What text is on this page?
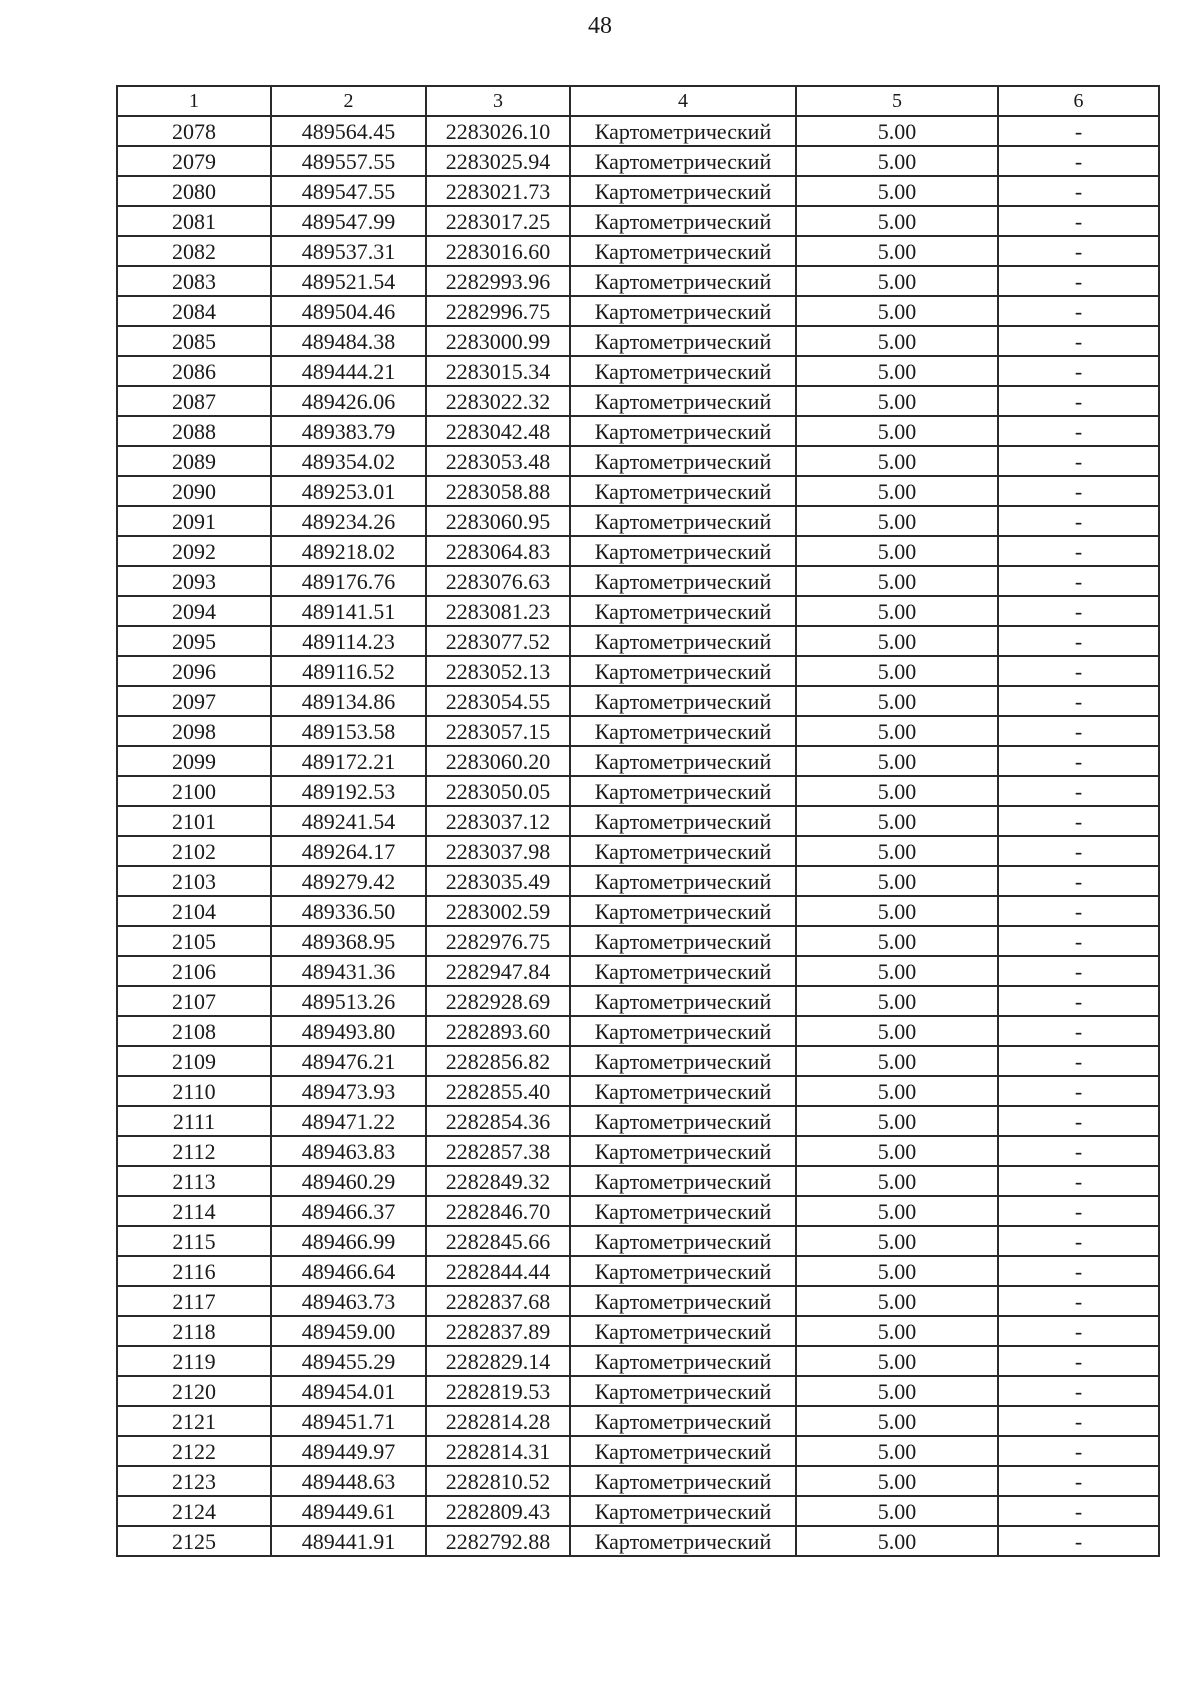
48
1	2	3	4	5	6
2078	489564.45	2283026.10	Картометрический	5.00	-
2079	489557.55	2283025.94	Картометрический	5.00	-
2080	489547.55	2283021.73	Картометрический	5.00	-
2081	489547.99	2283017.25	Картометрический	5.00	-
2082	489537.31	2283016.60	Картометрический	5.00	-
2083	489521.54	2282993.96	Картометрический	5.00	-
2084	489504.46	2282996.75	Картометрический	5.00	-
2085	489484.38	2283000.99	Картометрический	5.00	-
2086	489444.21	2283015.34	Картометрический	5.00	-
2087	489426.06	2283022.32	Картометрический	5.00	-
2088	489383.79	2283042.48	Картометрический	5.00	-
2089	489354.02	2283053.48	Картометрический	5.00	-
2090	489253.01	2283058.88	Картометрический	5.00	-
2091	489234.26	2283060.95	Картометрический	5.00	-
2092	489218.02	2283064.83	Картометрический	5.00	-
2093	489176.76	2283076.63	Картометрический	5.00	-
2094	489141.51	2283081.23	Картометрический	5.00	-
2095	489114.23	2283077.52	Картометрический	5.00	-
2096	489116.52	2283052.13	Картометрический	5.00	-
2097	489134.86	2283054.55	Картометрический	5.00	-
2098	489153.58	2283057.15	Картометрический	5.00	-
2099	489172.21	2283060.20	Картометрический	5.00	-
2100	489192.53	2283050.05	Картометрический	5.00	-
2101	489241.54	2283037.12	Картометрический	5.00	-
2102	489264.17	2283037.98	Картометрический	5.00	-
2103	489279.42	2283035.49	Картометрический	5.00	-
2104	489336.50	2283002.59	Картометрический	5.00	-
2105	489368.95	2282976.75	Картометрический	5.00	-
2106	489431.36	2282947.84	Картометрический	5.00	-
2107	489513.26	2282928.69	Картометрический	5.00	-
2108	489493.80	2282893.60	Картометрический	5.00	-
2109	489476.21	2282856.82	Картометрический	5.00	-
2110	489473.93	2282855.40	Картометрический	5.00	-
2111	489471.22	2282854.36	Картометрический	5.00	-
2112	489463.83	2282857.38	Картометрический	5.00	-
2113	489460.29	2282849.32	Картометрический	5.00	-
2114	489466.37	2282846.70	Картометрический	5.00	-
2115	489466.99	2282845.66	Картометрический	5.00	-
2116	489466.64	2282844.44	Картометрический	5.00	-
2117	489463.73	2282837.68	Картометрический	5.00	-
2118	489459.00	2282837.89	Картометрический	5.00	-
2119	489455.29	2282829.14	Картометрический	5.00	-
2120	489454.01	2282819.53	Картометрический	5.00	-
2121	489451.71	2282814.28	Картометрический	5.00	-
2122	489449.97	2282814.31	Картометрический	5.00	-
2123	489448.63	2282810.52	Картометрический	5.00	-
2124	489449.61	2282809.43	Картометрический	5.00	-
2125	489441.91	2282792.88	Картометрический	5.00	-
